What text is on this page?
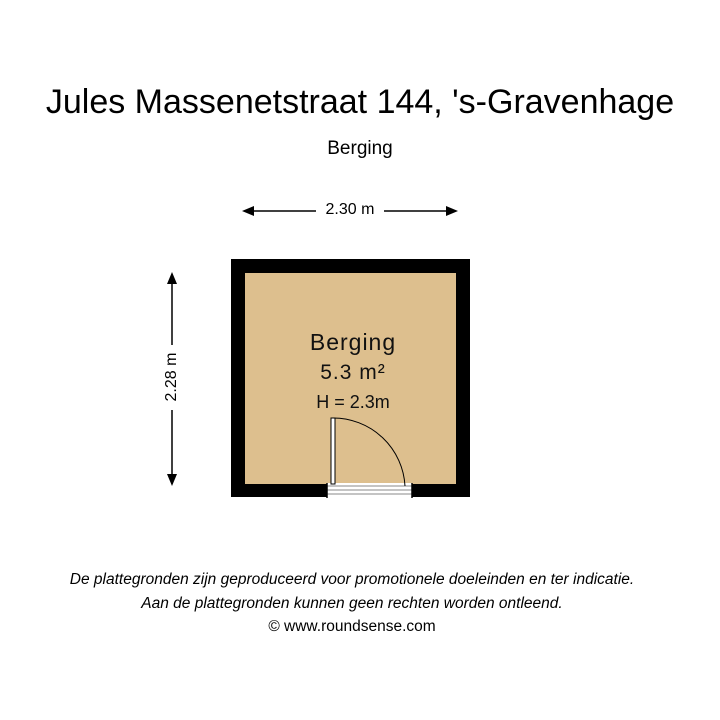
Jules Massenetstraat 144, 's-Gravenhage
Berging
2.30 m
2.28 m
Berging
5.3 m²
H = 2.3m
De plattegronden zijn geproduceerd voor promotionele doeleinden en ter indicatie.
Aan de plattegronden kunnen geen rechten worden ontleend.
© www.roundsense.com
